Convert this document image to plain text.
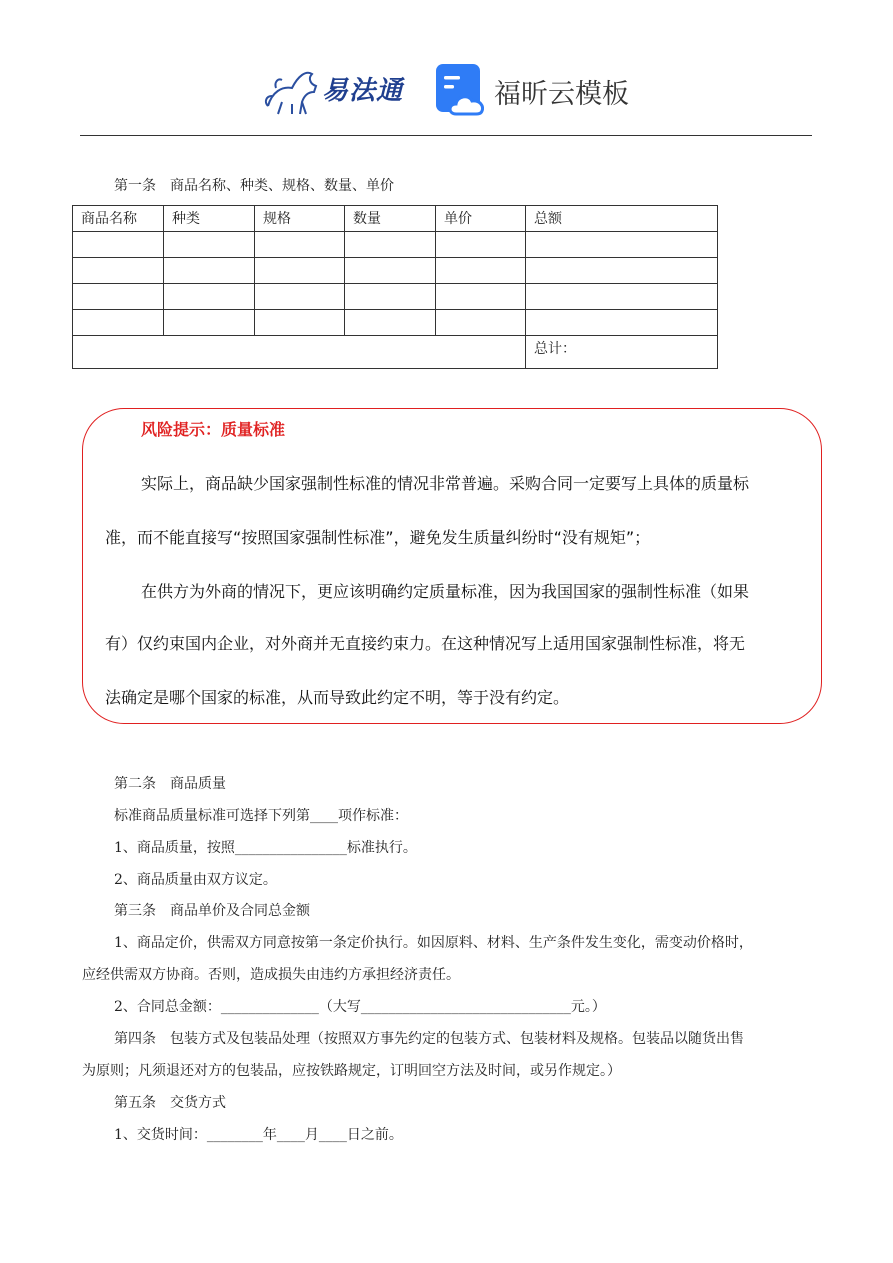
易法通	福昕云模板
第一条　商品名称、种类、规格、数量、单价
商品名称	种类	规格	数量	单价	总额

					总计：
风险提示：质量标准
实际上，商品缺少国家强制性标准的情况非常普遍。采购合同一定要写上具体的质量标
准，而不能直接写“按照国家强制性标准”，避免发生质量纠纷时“没有规矩”；
在供方为外商的情况下，更应该明确约定质量标准，因为我国国家的强制性标准（如果
有）仅约束国内企业，对外商并无直接约束力。在这种情况写上适用国家强制性标准，将无
法确定是哪个国家的标准，从而导致此约定不明，等于没有约定。
第二条　商品质量
标准商品质量标准可选择下列第____项作标准：
1、商品质量，按照________________标准执行。
2、商品质量由双方议定。
第三条　商品单价及合同总金额
1、商品定价，供需双方同意按第一条定价执行。如因原料、材料、生产条件发生变化，需变动价格时，
应经供需双方协商。否则，造成损失由违约方承担经济责任。
2、合同总金额：______________（大写______________________________元。）
第四条　包装方式及包装品处理（按照双方事先约定的包装方式、包装材料及规格。包装品以随货出售
为原则；凡须退还对方的包装品，应按铁路规定，订明回空方法及时间，或另作规定。）
第五条　交货方式
1、交货时间：________年____月____日之前。
